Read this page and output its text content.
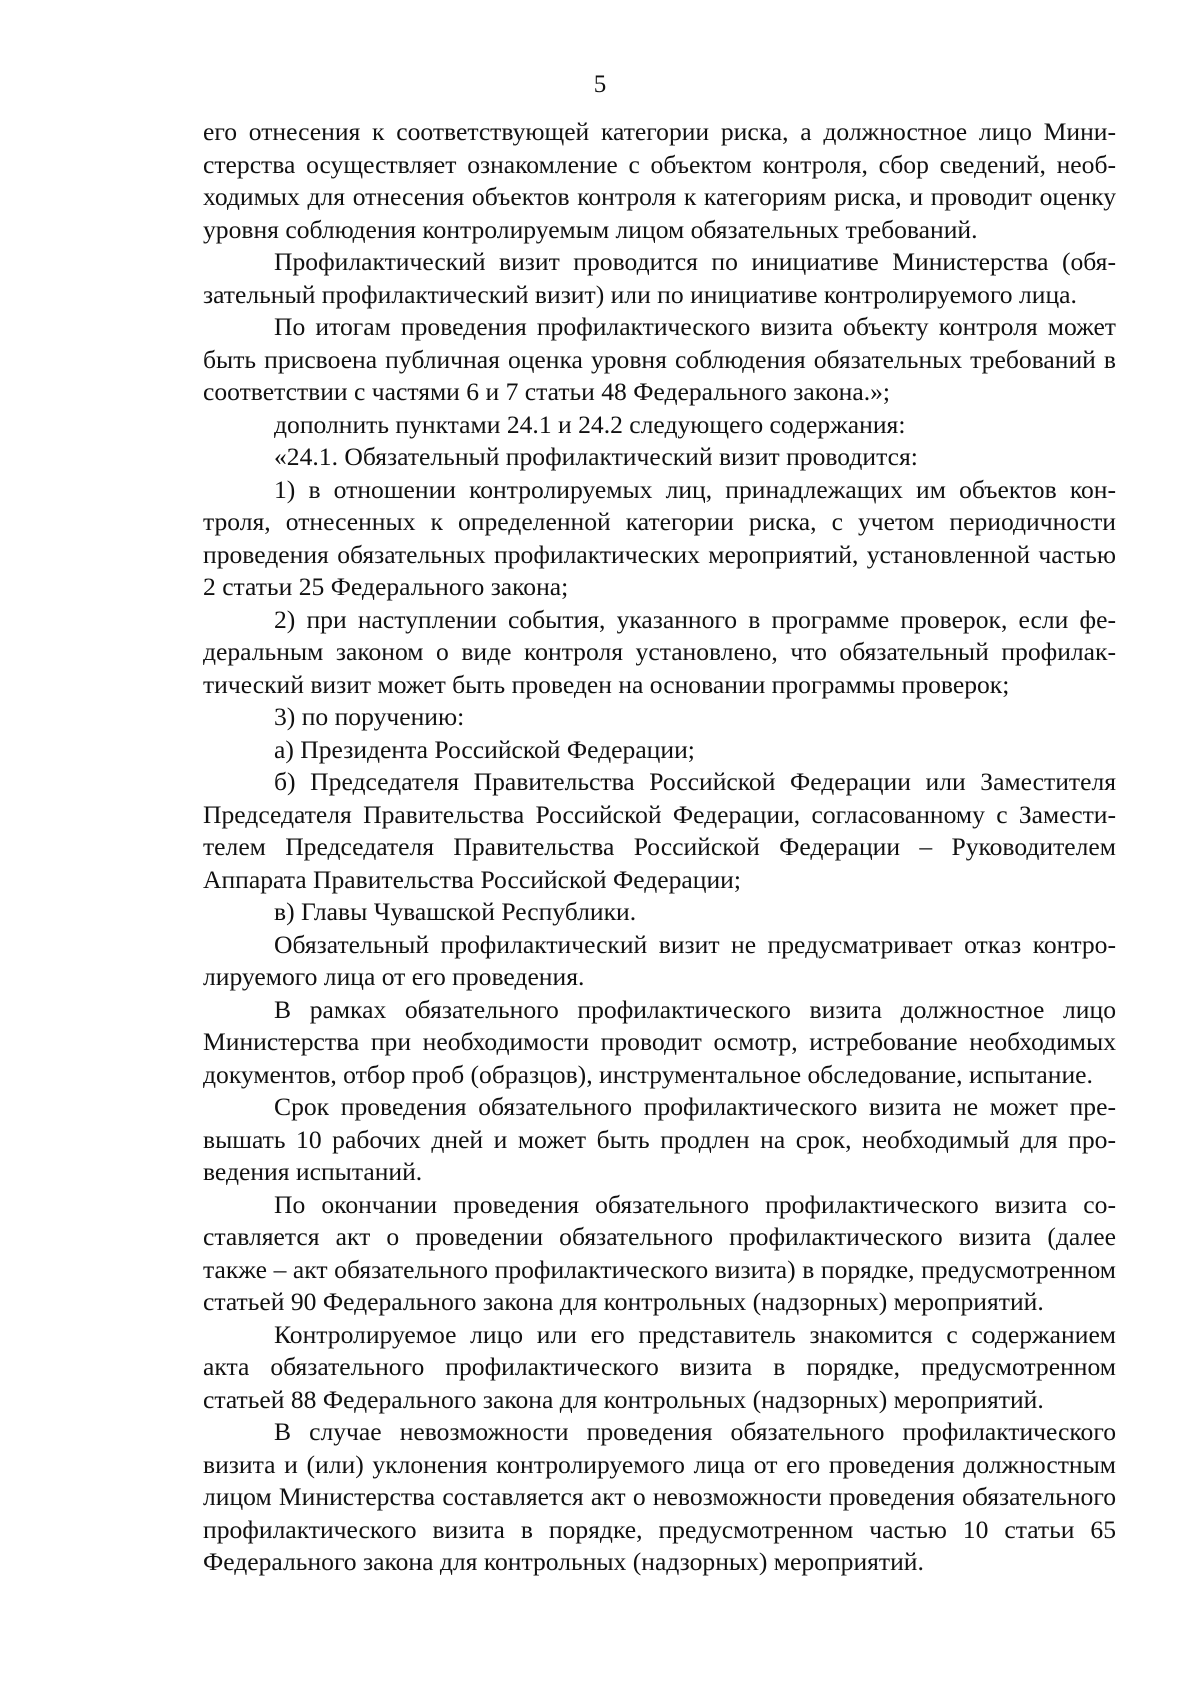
5

его отнесения к соответствующей категории риска, а должностное лицо Министерства осуществляет ознакомление с объектом контроля, сбор сведений, необходимых для отнесения объектов контроля к категориям риска, и проводит оценку уровня соблюдения контролируемым лицом обязательных требований.

Профилактический визит проводится по инициативе Министерства (обязательный профилактический визит) или по инициативе контролируемого лица.

По итогам проведения профилактического визита объекту контроля может быть присвоена публичная оценка уровня соблюдения обязательных требований в соответствии с частями 6 и 7 статьи 48 Федерального закона.»;

дополнить пунктами 24.1 и 24.2 следующего содержания:

«24.1. Обязательный профилактический визит проводится:

1) в отношении контролируемых лиц, принадлежащих им объектов контроля, отнесенных к определенной категории риска, с учетом периодичности проведения обязательных профилактических мероприятий, установленной частью 2 статьи 25 Федерального закона;

2) при наступлении события, указанного в программе проверок, если федеральным законом о виде контроля установлено, что обязательный профилактический визит может быть проведен на основании программы проверок;

3) по поручению:

а) Президента Российской Федерации;

б) Председателя Правительства Российской Федерации или Заместителя Председателя Правительства Российской Федерации, согласованному с Заместителем Председателя Правительства Российской Федерации – Руководителем Аппарата Правительства Российской Федерации;

в) Главы Чувашской Республики.

Обязательный профилактический визит не предусматривает отказ контролируемого лица от его проведения.

В рамках обязательного профилактического визита должностное лицо Министерства при необходимости проводит осмотр, истребование необходимых документов, отбор проб (образцов), инструментальное обследование, испытание.

Срок проведения обязательного профилактического визита не может превышать 10 рабочих дней и может быть продлен на срок, необходимый для проведения испытаний.

По окончании проведения обязательного профилактического визита составляется акт о проведении обязательного профилактического визита (далее также – акт обязательного профилактического визита) в порядке, предусмотренном статьей 90 Федерального закона для контрольных (надзорных) мероприятий.

Контролируемое лицо или его представитель знакомится с содержанием акта обязательного профилактического визита в порядке, предусмотренном статьей 88 Федерального закона для контрольных (надзорных) мероприятий.

В случае невозможности проведения обязательного профилактического визита и (или) уклонения контролируемого лица от его проведения должностным лицом Министерства составляется акт о невозможности проведения обязательного профилактического визита в порядке, предусмотренном частью 10 статьи 65 Федерального закона для контрольных (надзорных) мероприятий.
